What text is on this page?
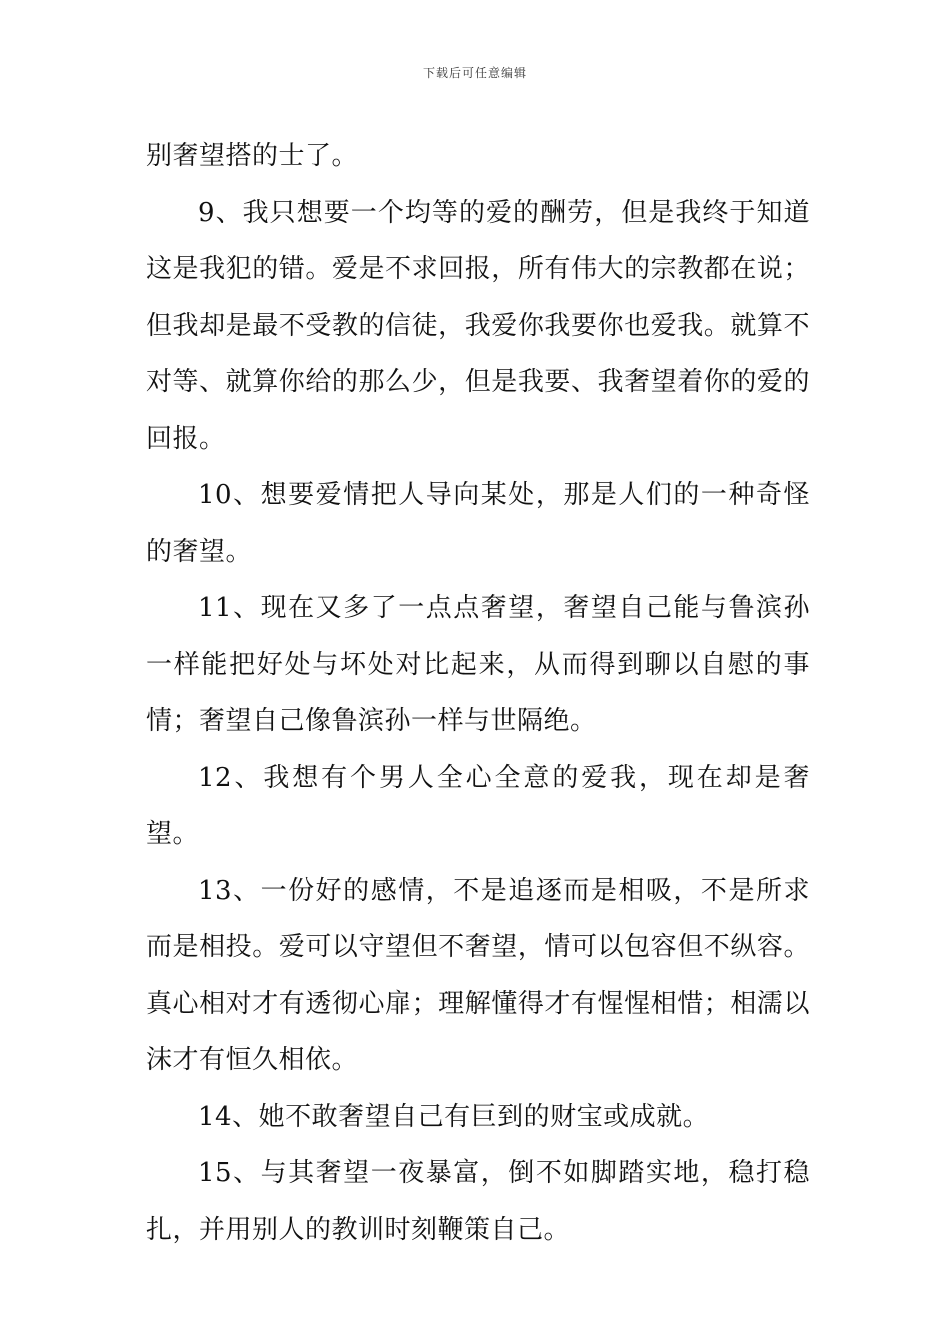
下载后可任意编辑

别奢望搭的士了。

9、我只想要一个均等的爱的酬劳，但是我终于知道这是我犯的错。爱是不求回报，所有伟大的宗教都在说；但我却是最不受教的信徒，我爱你我要你也爱我。就算不对等、就算你给的那么少，但是我要、我奢望着你的爱的回报。

10、想要爱情把人导向某处，那是人们的一种奇怪的奢望。

11、现在又多了一点点奢望，奢望自己能与鲁滨孙一样能把好处与坏处对比起来，从而得到聊以自慰的事情；奢望自己像鲁滨孙一样与世隔绝。

12、我想有个男人全心全意的爱我，现在却是奢望。

13、一份好的感情，不是追逐而是相吸，不是所求而是相投。爱可以守望但不奢望，情可以包容但不纵容。真心相对才有透彻心扉；理解懂得才有惺惺相惜；相濡以沫才有恒久相依。

14、她不敢奢望自己有巨到的财宝或成就。

15、与其奢望一夜暴富，倒不如脚踏实地，稳打稳扎，并用别人的教训时刻鞭策自己。
